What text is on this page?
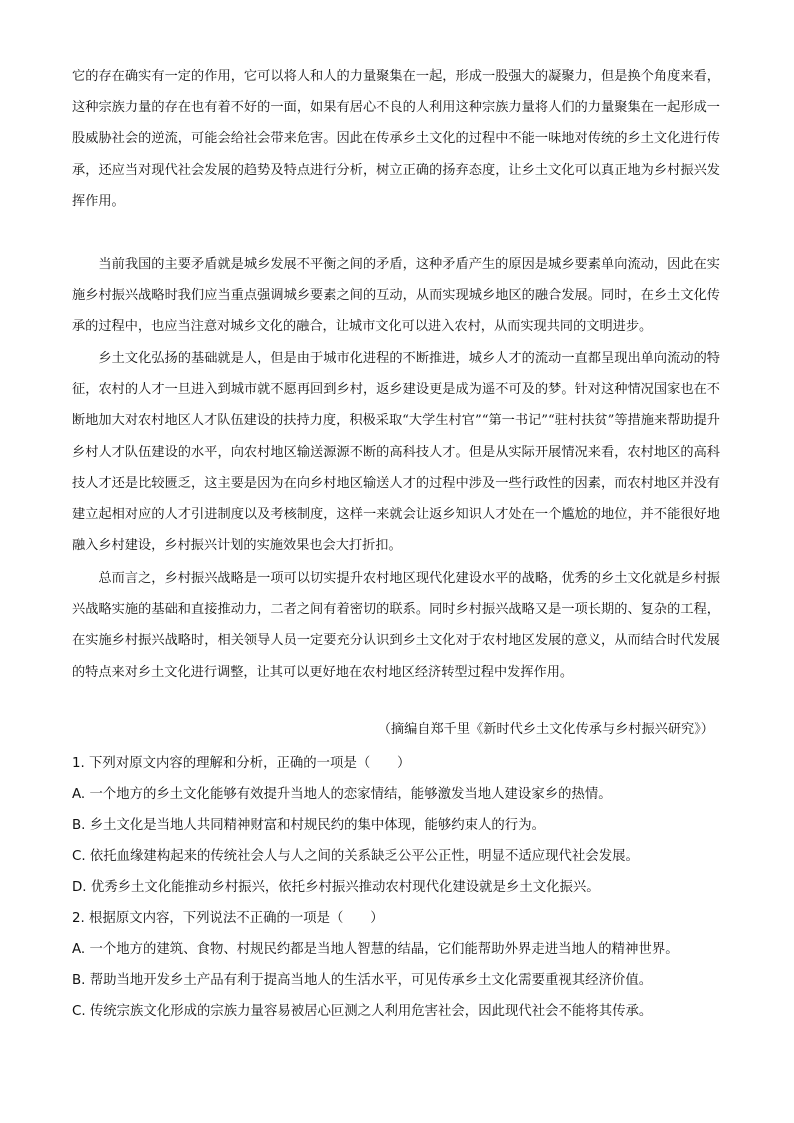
它的存在确实有一定的作用，它可以将人和人的力量聚集在一起，形成一股强大的凝聚力，但是换个角度来看，这种宗族力量的存在也有着不好的一面，如果有居心不良的人利用这种宗族力量将人们的力量聚集在一起形成一股威胁社会的逆流，可能会给社会带来危害。因此在传承乡土文化的过程中不能一味地对传统的乡土文化进行传承，还应当对现代社会发展的趋势及特点进行分析，树立正确的扬弃态度，让乡土文化可以真正地为乡村振兴发挥作用。

当前我国的主要矛盾就是城乡发展不平衡之间的矛盾，这种矛盾产生的原因是城乡要素单向流动，因此在实施乡村振兴战略时我们应当重点强调城乡要素之间的互动，从而实现城乡地区的融合发展。同时，在乡土文化传承的过程中，也应当注意对城乡文化的融合，让城市文化可以进入农村，从而实现共同的文明进步。

乡土文化弘扬的基础就是人，但是由于城市化进程的不断推进，城乡人才的流动一直都呈现出单向流动的特征，农村的人才一旦进入到城市就不愿再回到乡村，返乡建设更是成为遥不可及的梦。针对这种情况国家也在不断地加大对农村地区人才队伍建设的扶持力度，积极采取“大学生村官”“第一书记”“驻村扶贫”等措施来帮助提升乡村人才队伍建设的水平，向农村地区输送源源不断的高科技人才。但是从实际开展情况来看，农村地区的高科技人才还是比较匮乏，这主要是因为在向乡村地区输送人才的过程中涉及一些行政性的因素，而农村地区并没有建立起相对应的人才引进制度以及考核制度，这样一来就会让返乡知识人才处在一个尴尬的地位，并不能很好地融入乡村建设，乡村振兴计划的实施效果也会大打折扣。

总而言之，乡村振兴战略是一项可以切实提升农村地区现代化建设水平的战略，优秀的乡土文化就是乡村振兴战略实施的基础和直接推动力，二者之间有着密切的联系。同时乡村振兴战略又是一项长期的、复杂的工程，在实施乡村振兴战略时，相关领导人员一定要充分认识到乡土文化对于农村地区发展的意义，从而结合时代发展的特点来对乡土文化进行调整，让其可以更好地在农村地区经济转型过程中发挥作用。

（摘编自郑千里《新时代乡土文化传承与乡村振兴研究》）

1. 下列对原文内容的理解和分析，正确的一项是（　　）

A. 一个地方的乡土文化能够有效提升当地人的恋家情结，能够激发当地人建设家乡的热情。

B. 乡土文化是当地人共同精神财富和村规民约的集中体现，能够约束人的行为。

C. 依托血缘建构起来的传统社会人与人之间的关系缺乏公平公正性，明显不适应现代社会发展。

D. 优秀乡土文化能推动乡村振兴，依托乡村振兴推动农村现代化建设就是乡土文化振兴。

2. 根据原文内容，下列说法不正确的一项是（　　）

A. 一个地方的建筑、食物、村规民约都是当地人智慧的结晶，它们能帮助外界走进当地人的精神世界。

B. 帮助当地开发乡土产品有利于提高当地人的生活水平，可见传承乡土文化需要重视其经济价值。

C. 传统宗族文化形成的宗族力量容易被居心叵测之人利用危害社会，因此现代社会不能将其传承。
